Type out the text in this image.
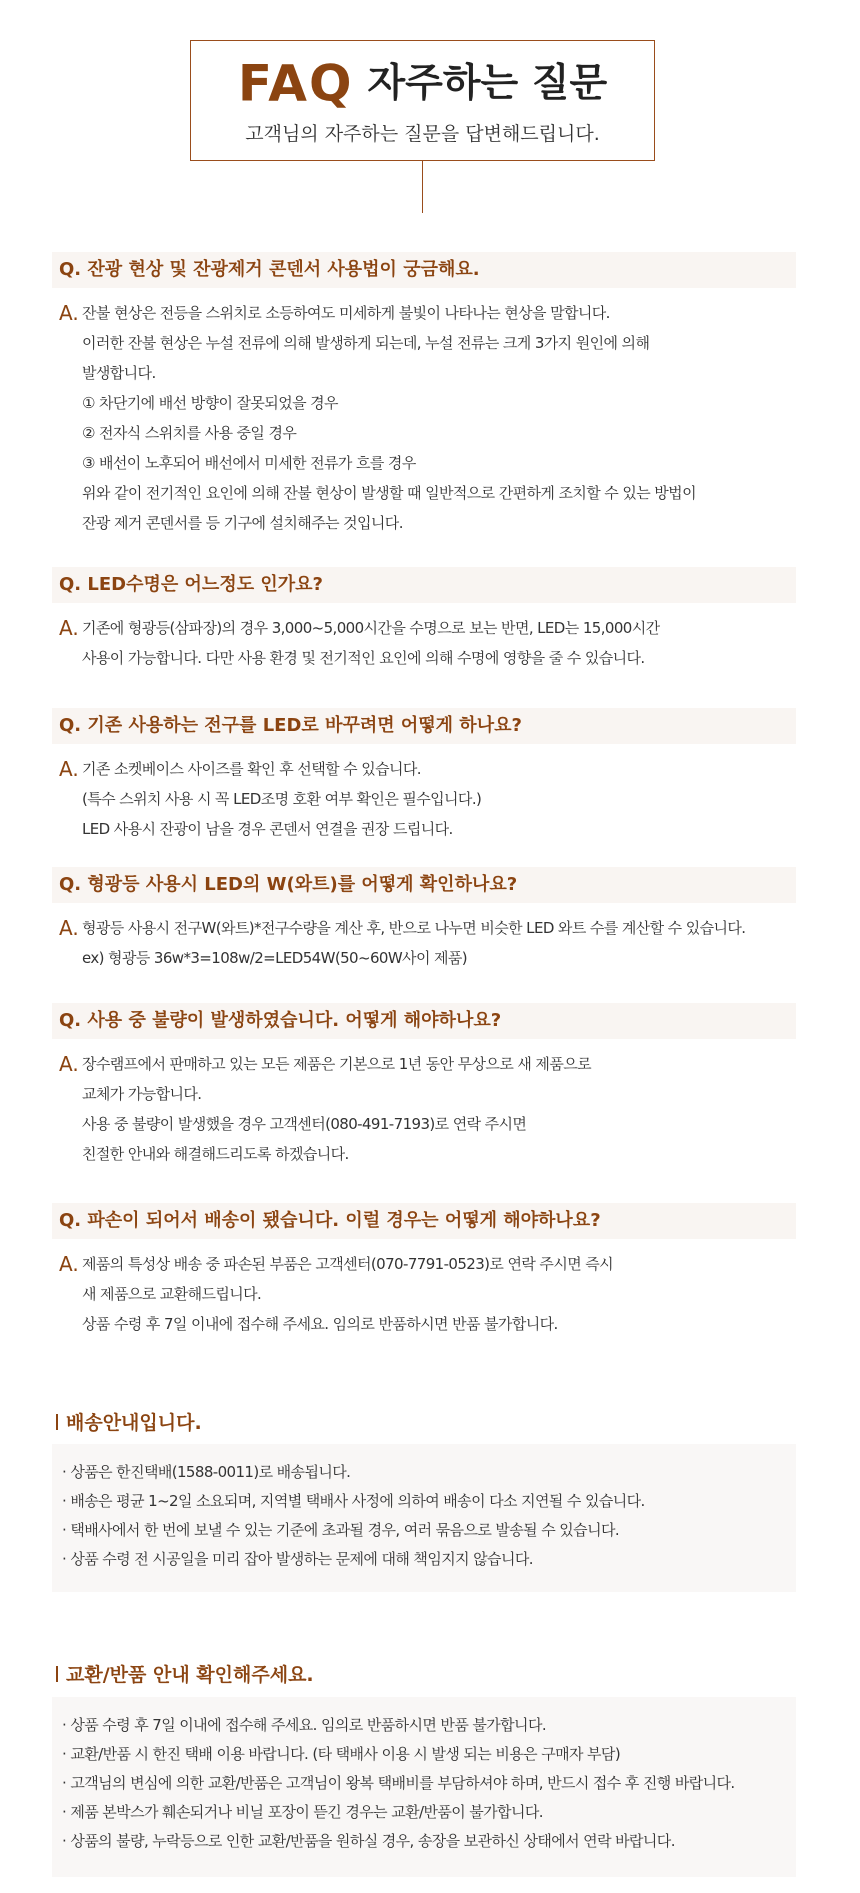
FAQ 자주하는 질문
고객님의 자주하는 질문을 답변해드립니다.
Q. 잔광 현상 및 잔광제거 콘덴서 사용법이 궁금해요.
A. 잔불 현상은 전등을 스위치로 소등하여도 미세하게 불빛이 나타나는 현상을 말합니다.
이러한 잔불 현상은 누설 전류에 의해 발생하게 되는데, 누설 전류는 크게 3가지 원인에 의해
발생합니다.
① 차단기에 배선 방향이 잘못되었을 경우
② 전자식 스위치를 사용 중일 경우
③ 배선이 노후되어 배선에서 미세한 전류가 흐를 경우
위와 같이 전기적인 요인에 의해 잔불 현상이 발생할 때 일반적으로 간편하게 조치할 수 있는 방법이
잔광 제거 콘덴서를 등 기구에 설치해주는 것입니다.
Q. LED수명은 어느정도 인가요?
A. 기존에 형광등(삼파장)의 경우 3,000~5,000시간을 수명으로 보는 반면, LED는 15,000시간
사용이 가능합니다. 다만 사용 환경 및 전기적인 요인에 의해 수명에 영향을 줄 수 있습니다.
Q. 기존 사용하는 전구를 LED로 바꾸려면 어떻게 하나요?
A. 기존 소켓베이스 사이즈를 확인 후 선택할 수 있습니다.
(특수 스위치 사용 시 꼭 LED조명 호환 여부 확인은 필수입니다.)
LED 사용시 잔광이 남을 경우 콘덴서 연결을 권장 드립니다.
Q. 형광등 사용시 LED의 W(와트)를 어떻게 확인하나요?
A. 형광등 사용시 전구W(와트)*전구수량을 계산 후, 반으로 나누면 비슷한 LED 와트 수를 계산할 수 있습니다.
ex) 형광등 36w*3=108w/2=LED54W(50~60W사이 제품)
Q. 사용 중 불량이 발생하였습니다. 어떻게 해야하나요?
A. 장수램프에서 판매하고 있는 모든 제품은 기본으로 1년 동안 무상으로 새 제품으로
교체가 가능합니다.
사용 중 불량이 발생했을 경우 고객센터(080-491-7193)로 연락 주시면
친절한 안내와 해결해드리도록 하겠습니다.
Q. 파손이 되어서 배송이 됐습니다. 이럴 경우는 어떻게 해야하나요?
A. 제품의 특성상 배송 중 파손된 부품은 고객센터(070-7791-0523)로 연락 주시면 즉시
새 제품으로 교환해드립니다.
상품 수령 후 7일 이내에 접수해 주세요. 임의로 반품하시면 반품 불가합니다.
배송안내입니다.
· 상품은 한진택배(1588-0011)로 배송됩니다.
· 배송은 평균 1~2일 소요되며, 지역별 택배사 사정에 의하여 배송이 다소 지연될 수 있습니다.
· 택배사에서 한 번에 보낼 수 있는 기준에 초과될 경우, 여러 묶음으로 발송될 수 있습니다.
· 상품 수령 전 시공일을 미리 잡아 발생하는 문제에 대해 책임지지 않습니다.
교환/반품 안내 확인해주세요.
· 상품 수령 후 7일 이내에 접수해 주세요. 임의로 반품하시면 반품 불가합니다.
· 교환/반품 시 한진 택배 이용 바랍니다. (타 택배사 이용 시 발생 되는 비용은 구매자 부담)
· 고객님의 변심에 의한 교환/반품은 고객님이 왕복 택배비를 부담하셔야 하며, 반드시 접수 후 진행 바랍니다.
· 제품 본박스가 훼손되거나 비닐 포장이 뜯긴 경우는 교환/반품이 불가합니다.
· 상품의 불량, 누락등으로 인한 교환/반품을 원하실 경우, 송장을 보관하신 상태에서 연락 바랍니다.
